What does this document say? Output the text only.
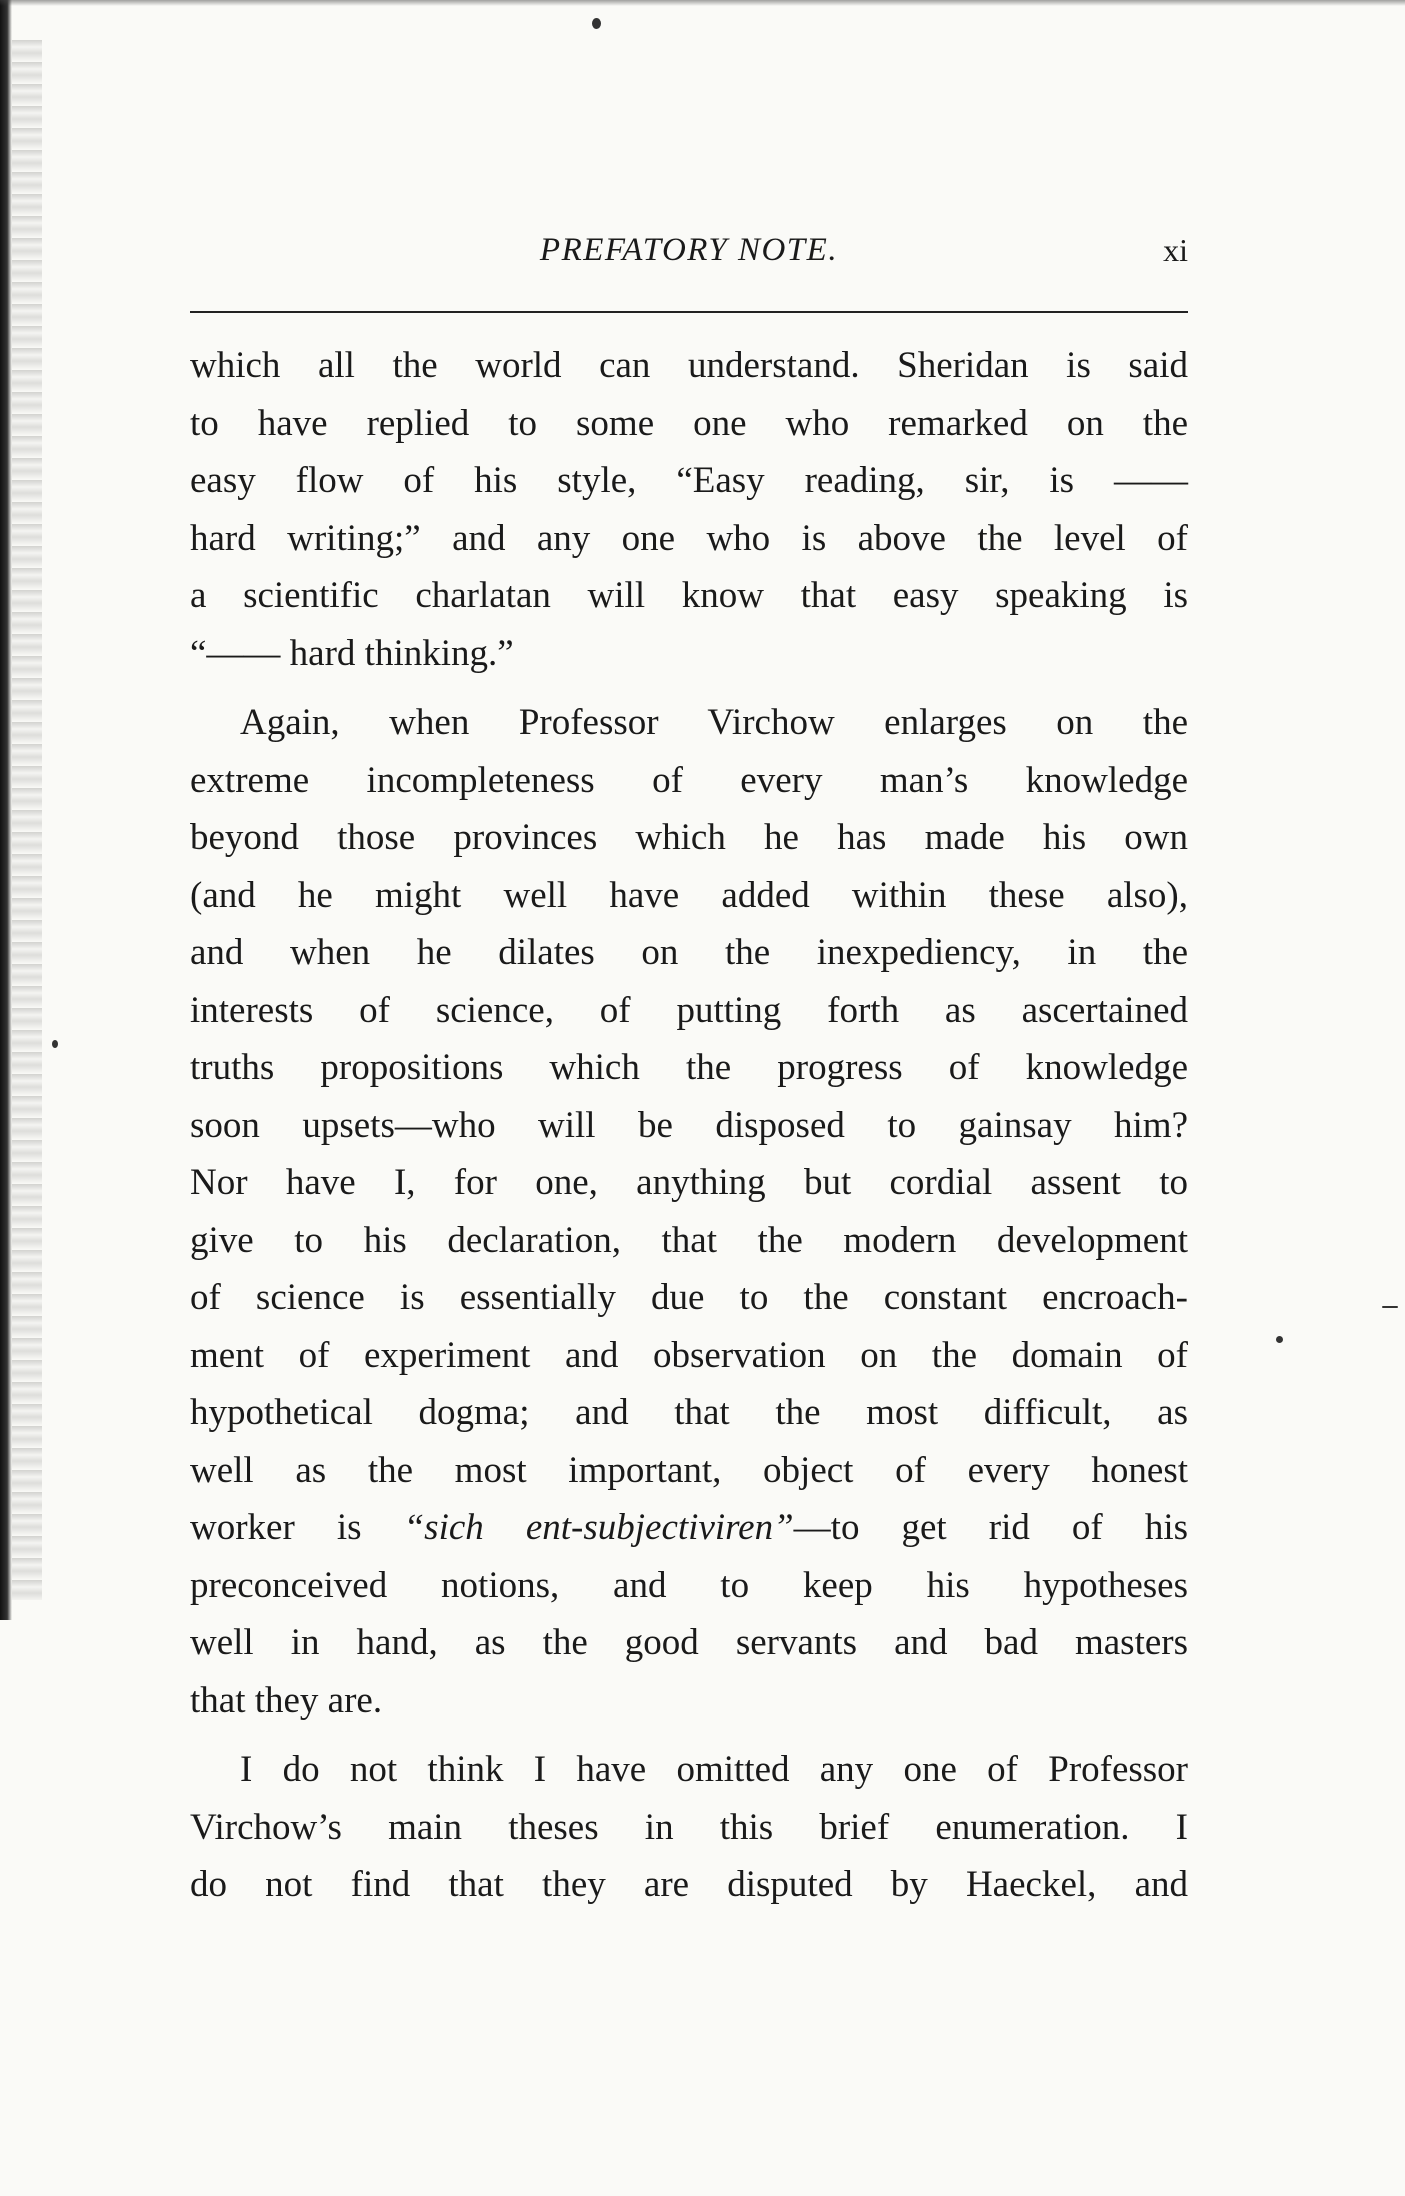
PREFATORY NOTE.	xi
which all the world can understand. Sheridan is said
to have replied to some one who remarked on the
easy flow of his style, “Easy reading, sir, is ——
hard writing;” and any one who is above the level of
a scientific charlatan will know that easy speaking is
“—— hard thinking.”
Again, when Professor Virchow enlarges on the
extreme incompleteness of every man’s knowledge
beyond those provinces which he has made his own
(and he might well have added within these also),
and when he dilates on the inexpediency, in the
interests of science, of putting forth as ascertained
truths propositions which the progress of knowledge
soon upsets—who will be disposed to gainsay him?
Nor have I, for one, anything but cordial assent to
give to his declaration, that the modern development
of science is essentially due to the constant encroach-
ment of experiment and observation on the domain of
hypothetical dogma; and that the most difficult, as
well as the most important, object of every honest
worker is “sich ent-subjectiviren”—to get rid of his
preconceived notions, and to keep his hypotheses
well in hand, as the good servants and bad masters
that they are.
I do not think I have omitted any one of Professor
Virchow’s main theses in this brief enumeration. I
do not find that they are disputed by Haeckel, and
